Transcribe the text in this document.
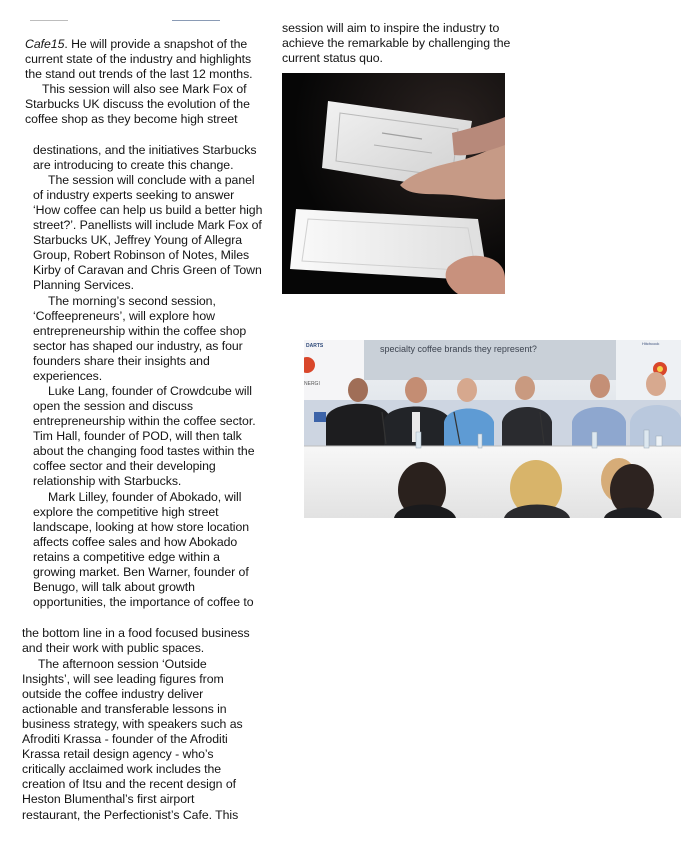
Cafe15. He will provide a snapshot of the
current state of the industry and highlights
the stand out trends of the last 12 months.
This session will also see Mark Fox of
Starbucks UK discuss the evolution of the
coffee shop as they become high street
destinations, and the initiatives Starbucks
are introducing to create this change.
The session will conclude with a panel
of industry experts seeking to answer
‘How coffee can help us build a better high
street?’. Panellists will include Mark Fox of
Starbucks UK, Jeffrey Young of Allegra
Group, Robert Robinson of Notes, Miles
Kirby of Caravan and Chris Green of Town
Planning Services.
The morning’s second session,
‘Coffeepreneurs’, will explore how
entrepreneurship within the coffee shop
sector has shaped our industry, as four
founders share their insights and
experiences.
Luke Lang, founder of Crowdcube will
open the session and discuss
entrepreneurship within the coffee sector.
Tim Hall, founder of POD, will then talk
about the changing food tastes within the
coffee sector and their developing
relationship with Starbucks.
Mark Lilley, founder of Abokado, will
explore the competitive high street
landscape, looking at how store location
affects coffee sales and how Abokado
retains a competitive edge within a
growing market. Ben Warner, founder of
Benugo, will talk about growth
opportunities, the importance of coffee to
the bottom line in a food focused business
and their work with public spaces.
The afternoon session ‘Outside
Insights’, will see leading figures from
outside the coffee industry deliver
actionable and transferable lessons in
business strategy, with speakers such as
Afroditi Krassa - founder of the Afroditi
Krassa retail design agency - who’s
critically acclaimed work includes the
creation of Itsu and the recent design of
Heston Blumenthal’s first airport
restaurant, the Perfectionist’s Cafe. This
session will aim to inspire the industry to
achieve the remarkable by challenging the
current status quo.
DARTS
NERGI
Hitchcock
specialty coffee brands they represent?
